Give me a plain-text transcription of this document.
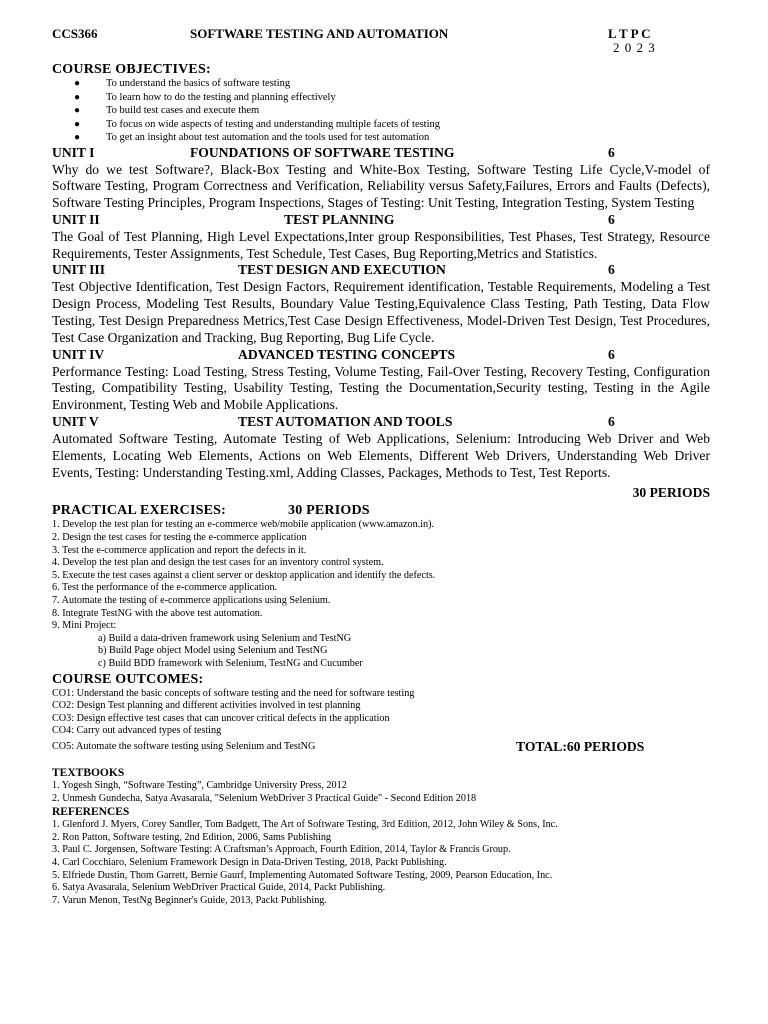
CCS366	SOFTWARE TESTING AND AUTOMATION	L T P C
2 0 2 3
COURSE OBJECTIVES:
● To understand the basics of software testing
● To learn how to do the testing and planning effectively
● To build test cases and execute them
● To focus on wide aspects of testing and understanding multiple facets of testing
● To get an insight about test automation and the tools used for test automation
UNIT I	FOUNDATIONS OF SOFTWARE TESTING	6
Why do we test Software?, Black-Box Testing and White-Box Testing, Software Testing Life Cycle,V-model of Software Testing, Program Correctness and Verification, Reliability versus Safety,Failures, Errors and Faults (Defects), Software Testing Principles, Program Inspections, Stages of Testing: Unit Testing, Integration Testing, System Testing
UNIT II	TEST PLANNING	6
The Goal of Test Planning, High Level Expectations,Inter group Responsibilities, Test Phases, Test Strategy, Resource Requirements, Tester Assignments, Test Schedule, Test Cases, Bug Reporting,Metrics and Statistics.
UNIT III	TEST DESIGN AND EXECUTION	6
Test Objective Identification, Test Design Factors, Requirement identification, Testable Requirements, Modeling a Test Design Process, Modeling Test Results, Boundary Value Testing,Equivalence Class Testing, Path Testing, Data Flow Testing, Test Design Preparedness Metrics,Test Case Design Effectiveness, Model-Driven Test Design, Test Procedures, Test Case Organization and Tracking, Bug Reporting, Bug Life Cycle.
UNIT IV	ADVANCED TESTING CONCEPTS	6
Performance Testing: Load Testing, Stress Testing, Volume Testing, Fail-Over Testing, Recovery Testing, Configuration Testing, Compatibility Testing, Usability Testing, Testing the Documentation,Security testing, Testing in the Agile Environment, Testing Web and Mobile Applications.
UNIT V	TEST AUTOMATION AND TOOLS	6
Automated Software Testing, Automate Testing of Web Applications, Selenium: Introducing Web Driver and Web Elements, Locating Web Elements, Actions on Web Elements, Different Web Drivers, Understanding Web Driver Events, Testing: Understanding Testing.xml, Adding Classes, Packages, Methods to Test, Test Reports.
30 PERIODS
PRACTICAL EXERCISES:	30 PERIODS
1. Develop the test plan for testing an e-commerce web/mobile application (www.amazon.in).
2. Design the test cases for testing the e-commerce application
3. Test the e-commerce application and report the defects in it.
4. Develop the test plan and design the test cases for an inventory control system.
5. Execute the test cases against a client server or desktop application and identify the defects.
6. Test the performance of the e-commerce application.
7. Automate the testing of e-commerce applications using Selenium.
8. Integrate TestNG with the above test automation.
9. Mini Project:
a) Build a data-driven framework using Selenium and TestNG
b) Build Page object Model using Selenium and TestNG
c) Build BDD framework with Selenium, TestNG and Cucumber
COURSE OUTCOMES:
CO1: Understand the basic concepts of software testing and the need for software testing
CO2: Design Test planning and different activities involved in test planning
CO3: Design effective test cases that can uncover critical defects in the application
CO4: Carry out advanced types of testing
CO5: Automate the software testing using Selenium and TestNG	TOTAL:60 PERIODS
TEXTBOOKS
1. Yogesh Singh, “Software Testing”, Cambridge University Press, 2012
2. Unmesh Gundecha, Satya Avasarala, "Selenium WebDriver 3 Practical Guide" - Second Edition 2018
REFERENCES
1. Glenford J. Myers, Corey Sandler, Tom Badgett, The Art of Software Testing, 3rd Edition, 2012, John Wiley & Sons, Inc.
2. Ron Patton, Software testing, 2nd Edition, 2006, Sams Publishing
3. Paul C. Jorgensen, Software Testing: A Craftsman’s Approach, Fourth Edition, 2014, Taylor & Francis Group.
4. Carl Cocchiaro, Selenium Framework Design in Data-Driven Testing, 2018, Packt Publishing.
5. Elfriede Dustin, Thom Garrett, Bernie Gaurf, Implementing Automated Software Testing, 2009, Pearson Education, Inc.
6. Satya Avasarala, Selenium WebDriver Practical Guide, 2014, Packt Publishing.
7. Varun Menon, TestNg Beginner's Guide, 2013, Packt Publishing.
